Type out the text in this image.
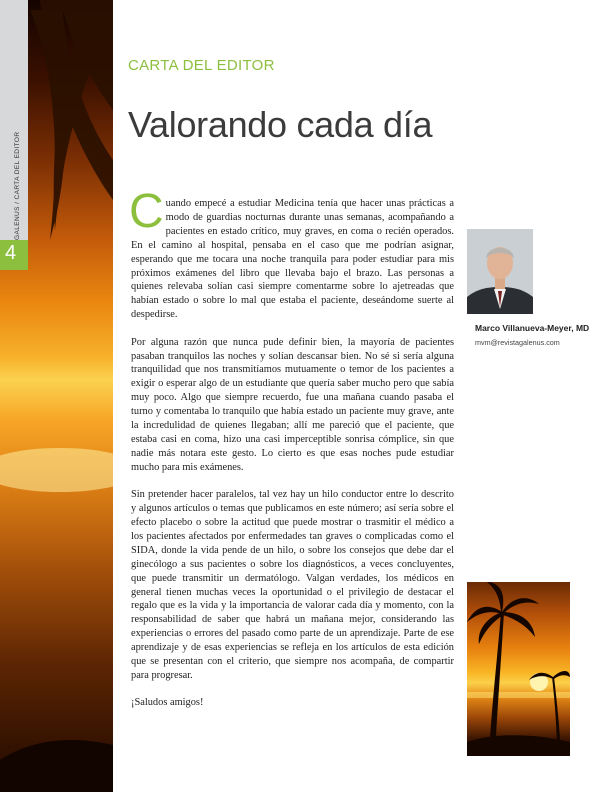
GALENUS / CARTA DEL EDITOR
4
CARTA DEL EDITOR
Valorando cada día

Cuando empecé a estudiar Medicina tenía que hacer unas prácticas a modo de guardias nocturnas durante unas semanas, acompañando a pacientes en estado crítico, muy graves, en coma o recién operados. En el camino al hospital, pensaba en el caso que me podrían asignar, esperando que me tocara una noche tranquila para poder estudiar para mis próximos exámenes del libro que llevaba bajo el brazo. Las personas a quienes relevaba solían casi siempre comentarme sobre lo ajetreadas que habían estado o sobre lo mal que estaba el paciente, deseándome suerte al despedirse.

Por alguna razón que nunca pude definir bien, la mayoría de pacientes pasaban tranquilos las noches y solían descansar bien. No sé si sería alguna tranquilidad que nos transmitíamos mutuamente o temor de los pacientes a exigir o esperar algo de un estudiante que quería saber mucho pero que sabía muy poco. Algo que siempre recuerdo, fue una mañana cuando pasaba el turno y comentaba lo tranquilo que había estado un paciente muy grave, ante la incredulidad de quienes llegaban; allí me pareció que el paciente, que estaba casi en coma, hizo una casi imperceptible sonrisa cómplice, sin que nadie más notara este gesto. Lo cierto es que esas noches pude estudiar mucho para mis exámenes.

Sin pretender hacer paralelos, tal vez hay un hilo conductor entre lo descrito y algunos artículos o temas que publicamos en este número; así sería sobre el efecto placebo o sobre la actitud que puede mostrar o trasmitir el médico a los pacientes afectados por enfermedades tan graves o complicadas como el SIDA, donde la vida pende de un hilo, o sobre los consejos que debe dar el ginecólogo a sus pacientes o sobre los diagnósticos, a veces concluyentes, que puede transmitir un dermatólogo. Valgan verdades, los médicos en general tienen muchas veces la oportunidad o el privilegio de destacar el regalo que es la vida y la importancia de valorar cada día y momento, con la responsabilidad de saber que habrá un mañana mejor, considerando las experiencias o errores del pasado como parte de un aprendizaje. Parte de ese aprendizaje y de esas experiencias se refleja en los artículos de esta edición que se presentan con el criterio, que siempre nos acompaña, de compartir para progresar.

¡Saludos amigos!

Marco Villanueva-Meyer, MD
mvm@revistagalenus.com
